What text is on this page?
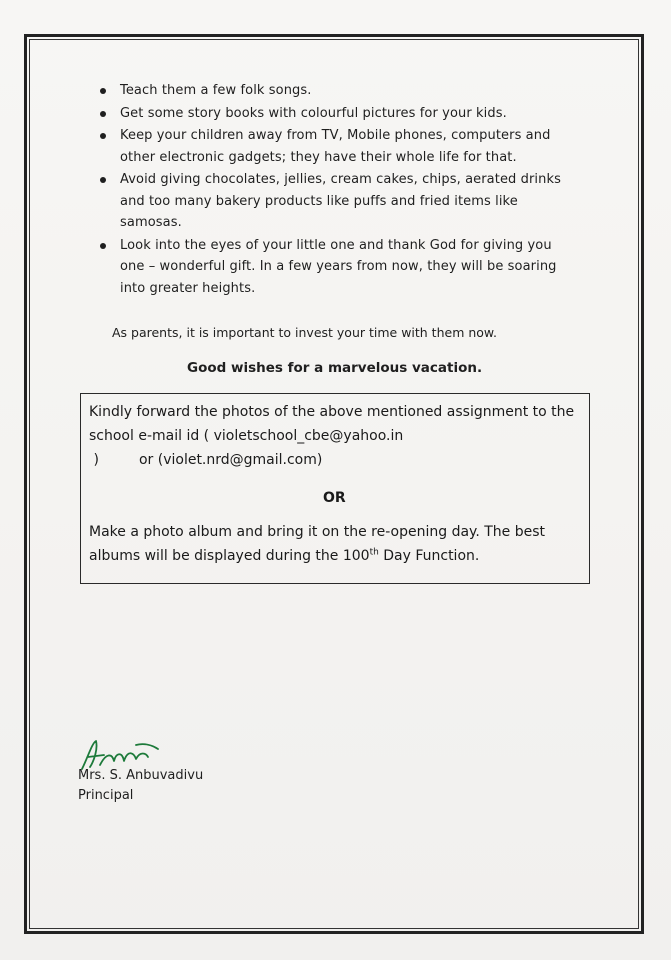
Teach them a few folk songs.
Get some story books with colourful pictures for your kids.
Keep your children away from TV, Mobile phones, computers and other electronic gadgets; they have their whole life for that.
Avoid giving chocolates, jellies, cream cakes, chips, aerated drinks and too many bakery products like puffs and fried items like samosas.
Look into the eyes of your little one and thank God for giving you one – wonderful gift. In a few years from now, they will be soaring into greater heights.
As parents, it is important to invest your time with them now.
Good wishes for a marvelous vacation.
Kindly forward the photos of the above mentioned assignment to the school e-mail id ( violetschool_cbe@yahoo.in )         or (violet.nrd@gmail.com)
OR
Make a photo album and bring it on the re-opening day. The best albums will be displayed during the 100th Day Function.
Mrs. S. Anbuvadivu
Principal
